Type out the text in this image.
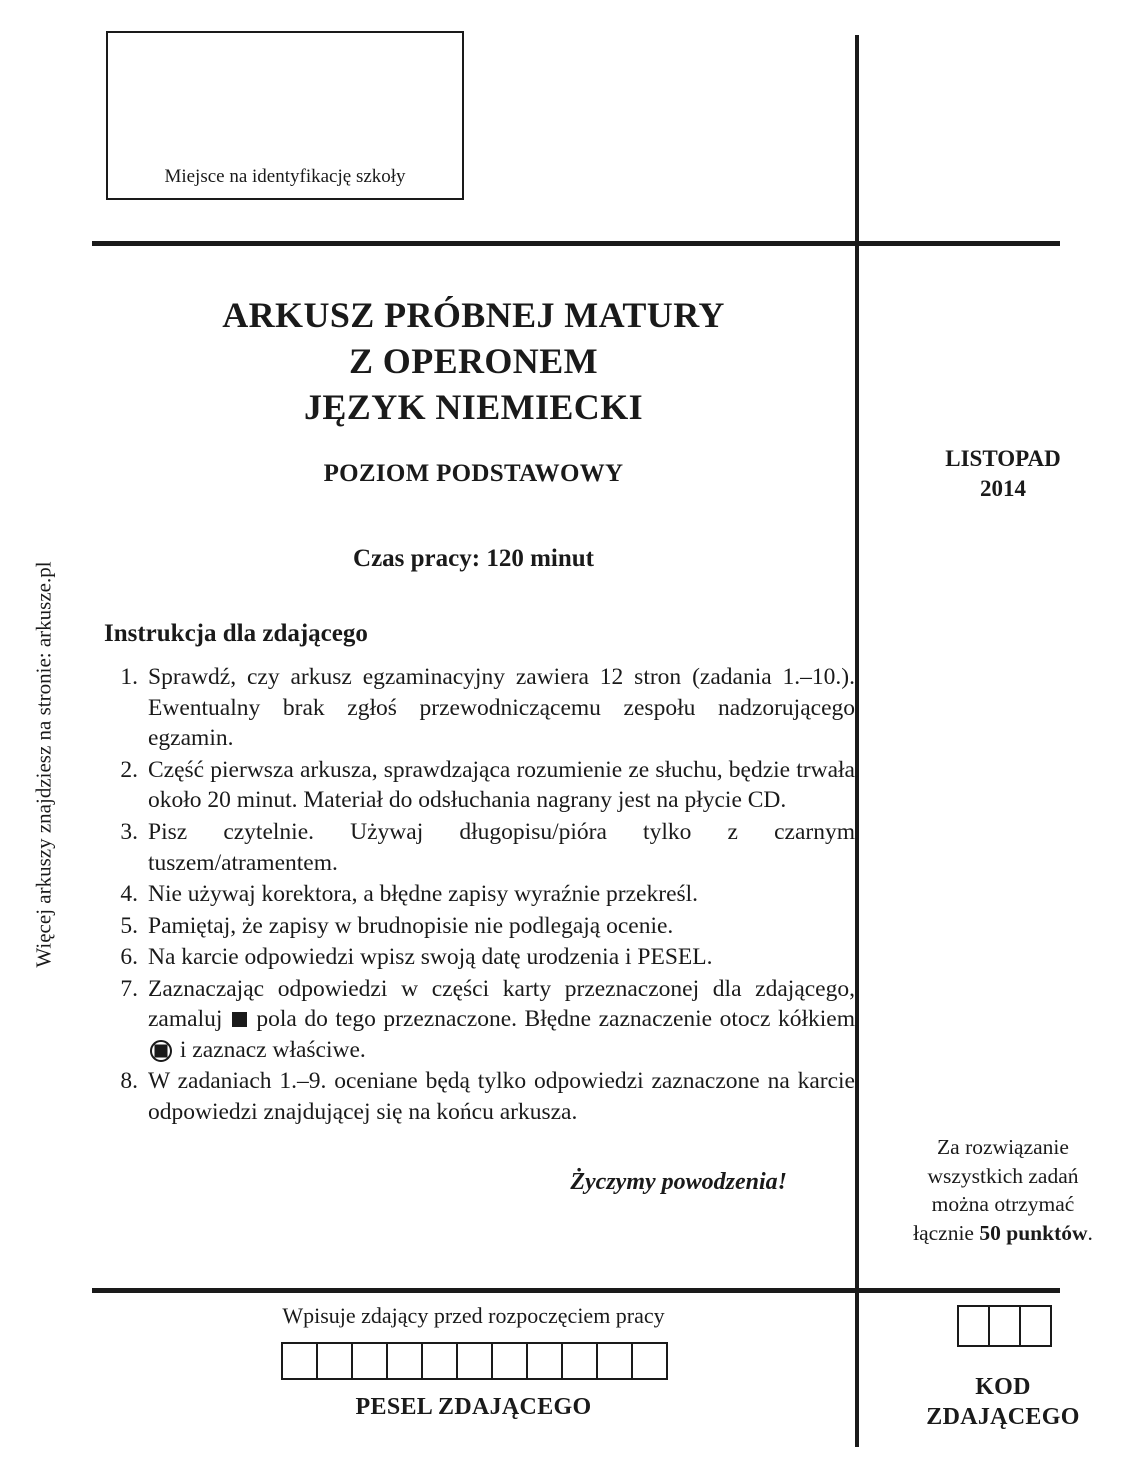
Miejsce na identyfikację szkoły
Więcej arkuszy znajdziesz na stronie: arkusze.pl
ARKUSZ PRÓBNEJ MATURY
Z OPERONEM
JĘZYK NIEMIECKI
POZIOM PODSTAWOWY
Czas pracy: 120 minut
Instrukcja dla zdającego
1. Sprawdź, czy arkusz egzaminacyjny zawiera 12 stron (zadania 1.–10.). Ewentualny brak zgłoś przewodniczącemu zespołu nadzorującego egzamin.
2. Część pierwsza arkusza, sprawdzająca rozumienie ze słuchu, będzie trwała około 20 minut. Materiał do odsłuchania nagrany jest na płycie CD.
3. Pisz czytelnie. Używaj długopisu/pióra tylko z czarnym tuszem/atramentem.
4. Nie używaj korektora, a błędne zapisy wyraźnie przekreśl.
5. Pamiętaj, że zapisy w brudnopisie nie podlegają ocenie.
6. Na karcie odpowiedzi wpisz swoją datę urodzenia i PESEL.
7. Zaznaczając odpowiedzi w części karty przeznaczonej dla zdającego, zamaluj  pola do tego przeznaczone. Błędne zaznaczenie otocz kółkiem  i zaznacz właściwe.
8. W zadaniach 1.–9. oceniane będą tylko odpowiedzi zaznaczone na karcie odpowiedzi znajdującej się na końcu arkusza.
Życzymy powodzenia!
LISTOPAD
2014
Za rozwiązanie
wszystkich zadań
można otrzymać
łącznie 50 punktów.
Wpisuje zdający przed rozpoczęciem pracy
PESEL ZDAJĄCEGO
KOD
ZDAJĄCEGO
